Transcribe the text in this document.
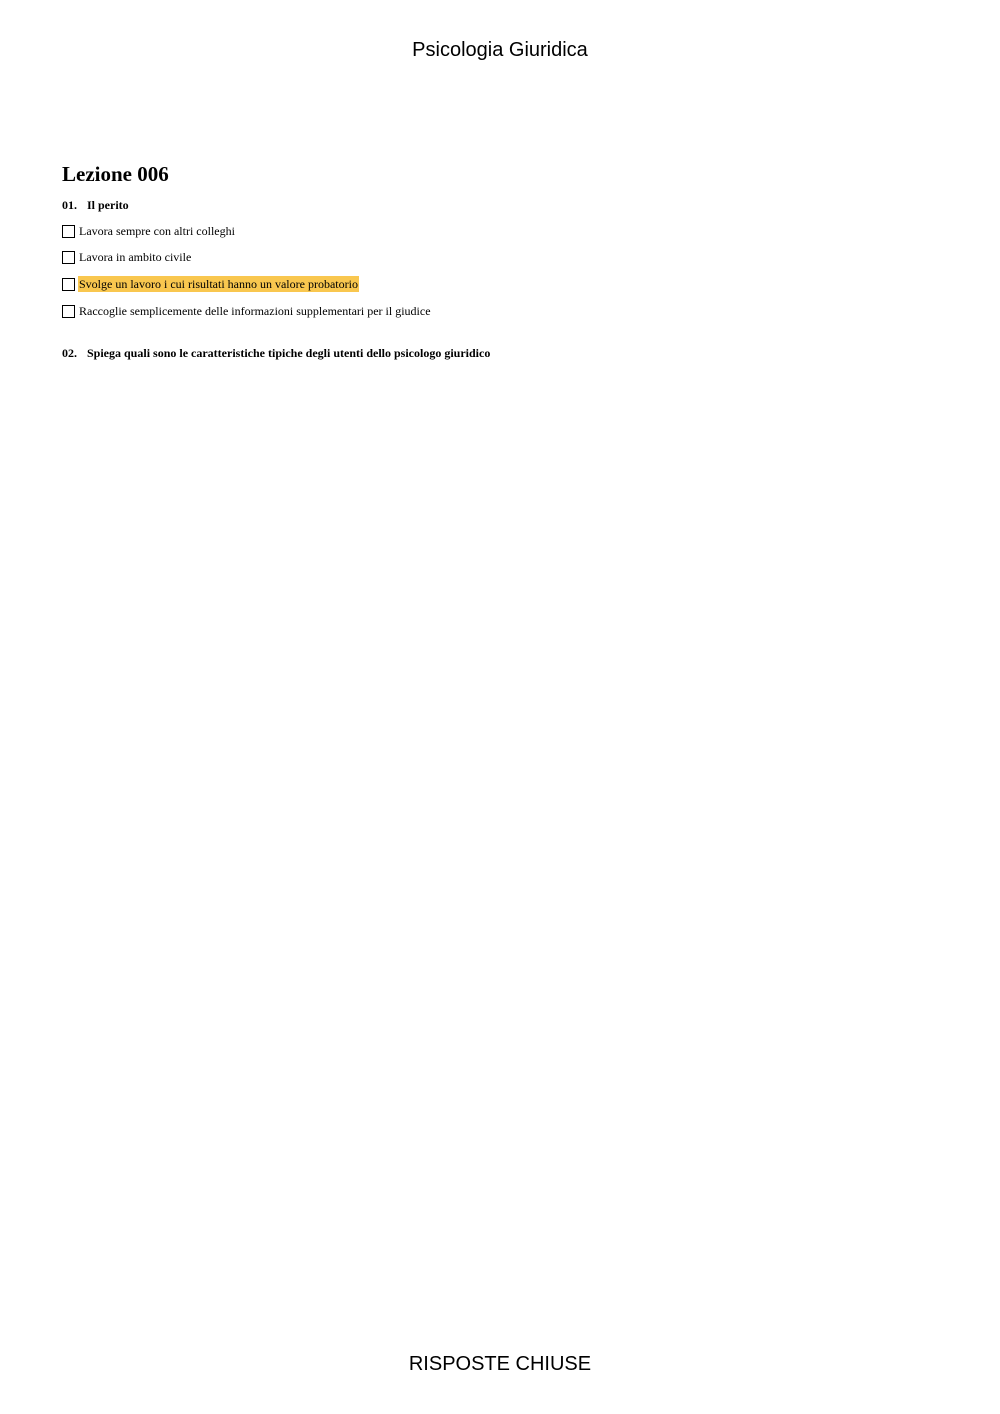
Psicologia Giuridica
Lezione 006
01. Il perito
Lavora sempre con altri colleghi
Lavora in ambito civile
Svolge un lavoro i cui risultati hanno un valore probatorio
Raccoglie semplicemente delle informazioni supplementari per il giudice
02. Spiega quali sono le caratteristiche tipiche degli utenti dello psicologo giuridico
RISPOSTE CHIUSE
